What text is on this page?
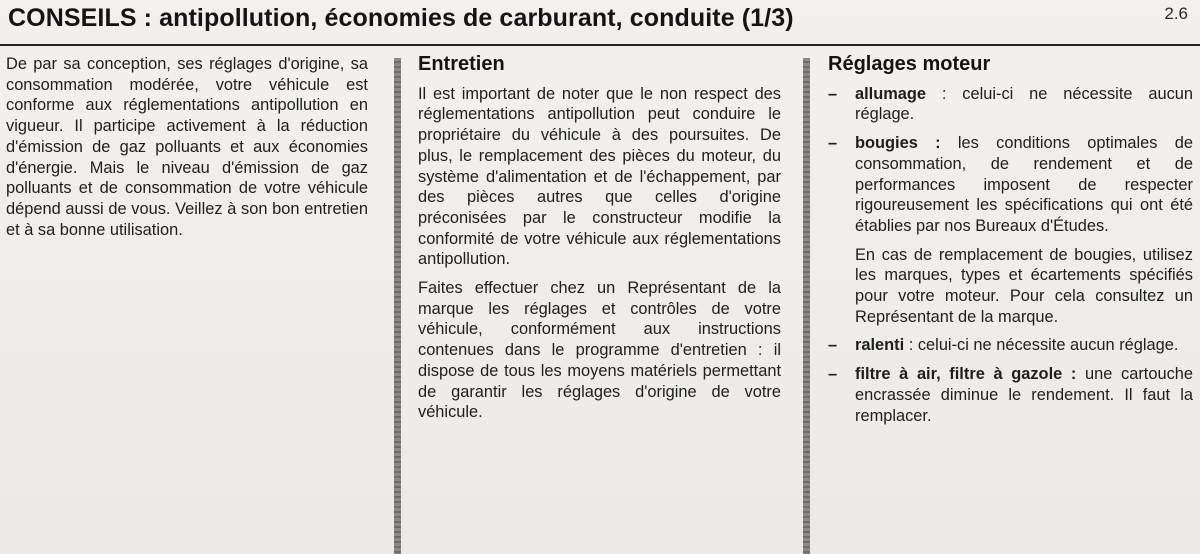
CONSEILS : antipollution, économies de carburant, conduite (1/3)	2.6

De par sa conception, ses réglages d'origine, sa consommation modérée, votre véhicule est conforme aux réglementations antipollution en vigueur. Il participe activement à la réduction d'émission de gaz polluants et aux économies d'énergie. Mais le niveau d'émission de gaz polluants et de consommation de votre véhicule dépend aussi de vous. Veillez à son bon entretien et à sa bonne utilisation.

Entretien

Il est important de noter que le non respect des réglementations antipollution peut conduire le propriétaire du véhicule à des poursuites. De plus, le remplacement des pièces du moteur, du système d'alimentation et de l'échappement, par des pièces autres que celles d'origine préconisées par le constructeur modifie la conformité de votre véhicule aux réglementations antipollution.

Faites effectuer chez un Représentant de la marque les réglages et contrôles de votre véhicule, conformément aux instructions contenues dans le programme d'entretien : il dispose de tous les moyens matériels permettant de garantir les réglages d'origine de votre véhicule.

Réglages moteur
– allumage : celui-ci ne nécessite aucun réglage.
– bougies : les conditions optimales de consommation, de rendement et de performances imposent de respecter rigoureusement les spécifications qui ont été établies par nos Bureaux d'Études.

En cas de remplacement de bougies, utilisez les marques, types et écartements spécifiés pour votre moteur. Pour cela consultez un Représentant de la marque.

– ralenti : celui-ci ne nécessite aucun réglage.
– filtre à air, filtre à gazole : une cartouche encrassée diminue le rendement. Il faut la remplacer.
